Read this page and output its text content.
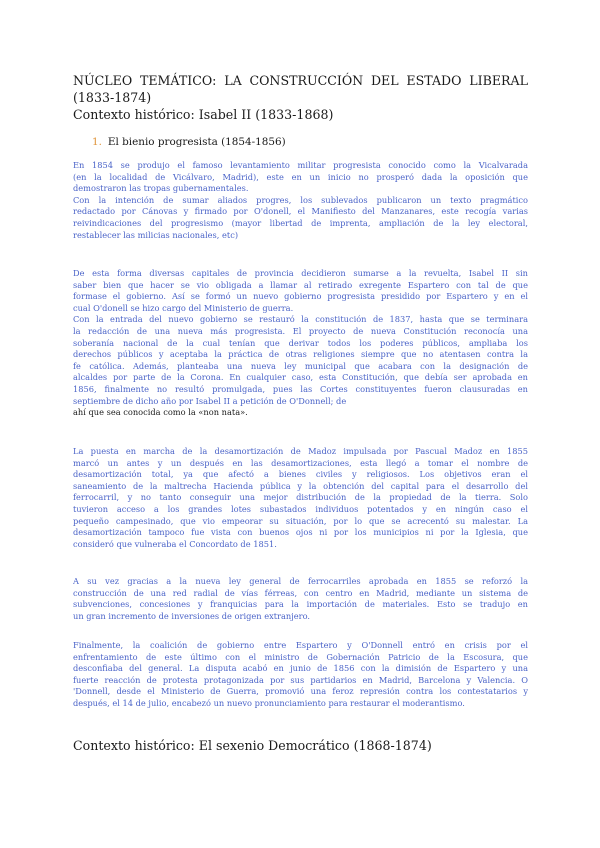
NÚCLEO TEMÁTICO: LA CONSTRUCCIÓN DEL ESTADO LIBERAL
(1833-1874)
Contexto histórico: Isabel II (1833-1868)
1. El bienio progresista (1854-1856)
En 1854 se produjo el famoso levantamiento militar progresista conocido como la Vicalvarada
(en la localidad de Vicálvaro, Madrid), este en un inicio no prosperó dada la oposición que
demostraron las tropas gubernamentales.
Con la intención de sumar aliados progres, los sublevados publicaron un texto pragmático
redactado por Cánovas y firmado por O'donell, el Manifiesto del Manzanares, este recogía varias
reivindicaciones del progresismo (mayor libertad de imprenta, ampliación de la ley electoral,
restablecer las milicias nacionales, etc)
De esta forma diversas capitales de provincia decidieron sumarse a la revuelta, Isabel II sin
saber bien que hacer se vio obligada a llamar al retirado exregente Espartero con tal de que
formase el gobierno. Así se formó un nuevo gobierno progresista presidido por Espartero y en el
cual O'donell se hizo cargo del Ministerio de guerra.
Con la entrada del nuevo gobierno se restauró la constitución de 1837, hasta que se terminara
la redacción de una nueva más progresista. El proyecto de nueva Constitución reconocía una
soberanía nacional de la cual tenían que derivar todos los poderes públicos, ampliaba los
derechos públicos y aceptaba la práctica de otras religiones siempre que no atentasen contra la
fe católica. Además, planteaba una nueva ley municipal que acabara con la designación de
alcaldes por parte de la Corona. En cualquier caso, esta Constitución, que debía ser aprobada en
1856, finalmente no resultó promulgada, pues las Cortes constituyentes fueron clausuradas en
septiembre de dicho año por Isabel II a petición de O'Donnell; de
ahí que sea conocida como la «non nata».
La puesta en marcha de la desamortización de Madoz impulsada por Pascual Madoz en 1855
marcó un antes y un después en las desamortizaciones, esta llegó a tomar el nombre de
desamortización total, ya que afectó a bienes civiles y religiosos. Los objetivos eran el
saneamiento de la maltrecha Hacienda pública y la obtención del capital para el desarrollo del
ferrocarril, y no tanto conseguir una mejor distribución de la propiedad de la tierra. Solo
tuvieron acceso a los grandes lotes subastados individuos potentados y en ningún caso el
pequeño campesinado, que vio empeorar su situación, por lo que se acrecentó su malestar. La
desamortización tampoco fue vista con buenos ojos ni por los municipios ni por la Iglesia, que
consideró que vulneraba el Concordato de 1851.
A su vez gracias a la nueva ley general de ferrocarriles aprobada en 1855 se reforzó la
construcción de una red radial de vías férreas, con centro en Madrid, mediante un sistema de
subvenciones, concesiones y franquicias para la importación de materiales. Esto se tradujo en
un gran incremento de inversiones de origen extranjero.
Finalmente, la coalición de gobierno entre Espartero y O'Donnell entró en crisis por el
enfrentamiento de este último con el ministro de Gobernación Patricio de la Escosura, que
desconfiaba del general. La disputa acabó en junio de 1856 con la dimisión de Espartero y una
fuerte reacción de protesta protagonizada por sus partidarios en Madrid, Barcelona y Valencia. O
'Donnell, desde el Ministerio de Guerra, promovió una feroz represión contra los contestatarios y
después, el 14 de julio, encabezó un nuevo pronunciamiento para restaurar el moderantismo.
Contexto histórico: El sexenio Democrático (1868-1874)
